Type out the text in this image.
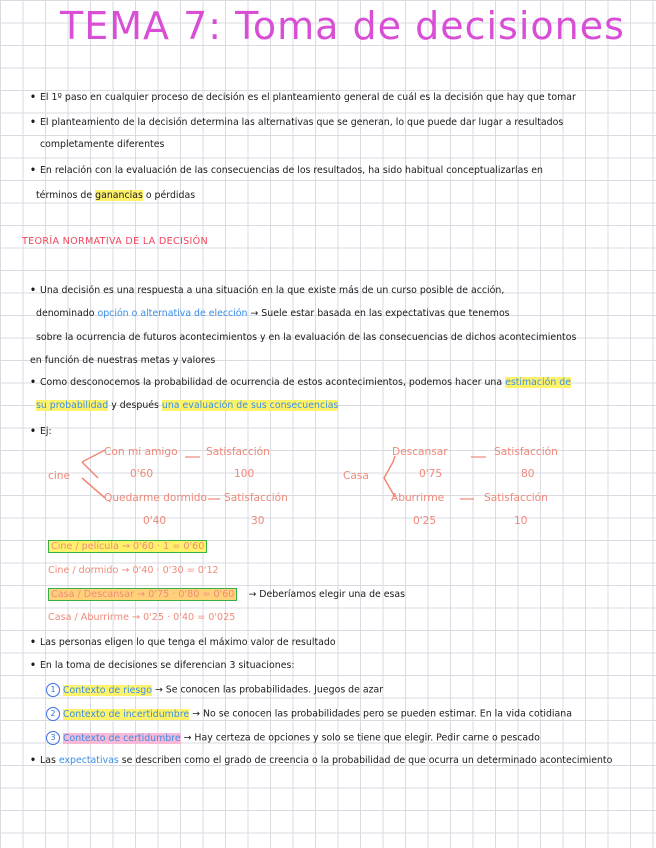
TEMA 7: Toma de decisiones
• El 1º paso en cualquier proceso de decisión es el planteamiento general de cuál es la decisión que hay que tomar
• El planteamiento de la decisión determina las alternativas que se generan, lo que puede dar lugar a resultados
completamente diferentes
• En relación con la evaluación de las consecuencias de los resultados, ha sido habitual conceptualizarlas en
términos de ganancias o pérdidas
TEORÍA NORMATIVA DE LA DECISIÓN
• Una decisión es una respuesta a una situación en la que existe más de un curso posible de acción,
denominado opción o alternativa de elección → Suele estar basada en las expectativas que tenemos
sobre la ocurrencia de futuros acontecimientos y en la evaluación de las consecuencias de dichos acontecimientos
en función de nuestras metas y valores
• Como desconocemos la probabilidad de ocurrencia de estos acontecimientos, podemos hacer una estimación de
su probabilidad y después una evaluación de sus consecuencias
• Ej:
cine
Con mi amigo
0'60
Satisfacción
100
Quedarme dormido
0'40
Satisfacción
30
Casa
Descansar
0'75
Satisfacción
80
Aburrirme
0'25
Satisfacción
10
Cine / película → 0'60 · 1 = 0'60
Cine / dormido → 0'40 · 0'30 = 0'12
Casa / Descansar → 0'75 · 0'80 = 0'60 → Deberíamos elegir una de esas
Casa / Aburrirme → 0'25 · 0'40 = 0'025
• Las personas eligen lo que tenga el máximo valor de resultado
• En la toma de decisiones se diferencian 3 situaciones:
1 Contexto de riesgo → Se conocen las probabilidades. Juegos de azar
2 Contexto de incertidumbre → No se conocen las probabilidades pero se pueden estimar. En la vida cotidiana
3 Contexto de certidumbre → Hay certeza de opciones y solo se tiene que elegir. Pedir carne o pescado
• Las expectativas se describen como el grado de creencia o la probabilidad de que ocurra un determinado acontecimiento
